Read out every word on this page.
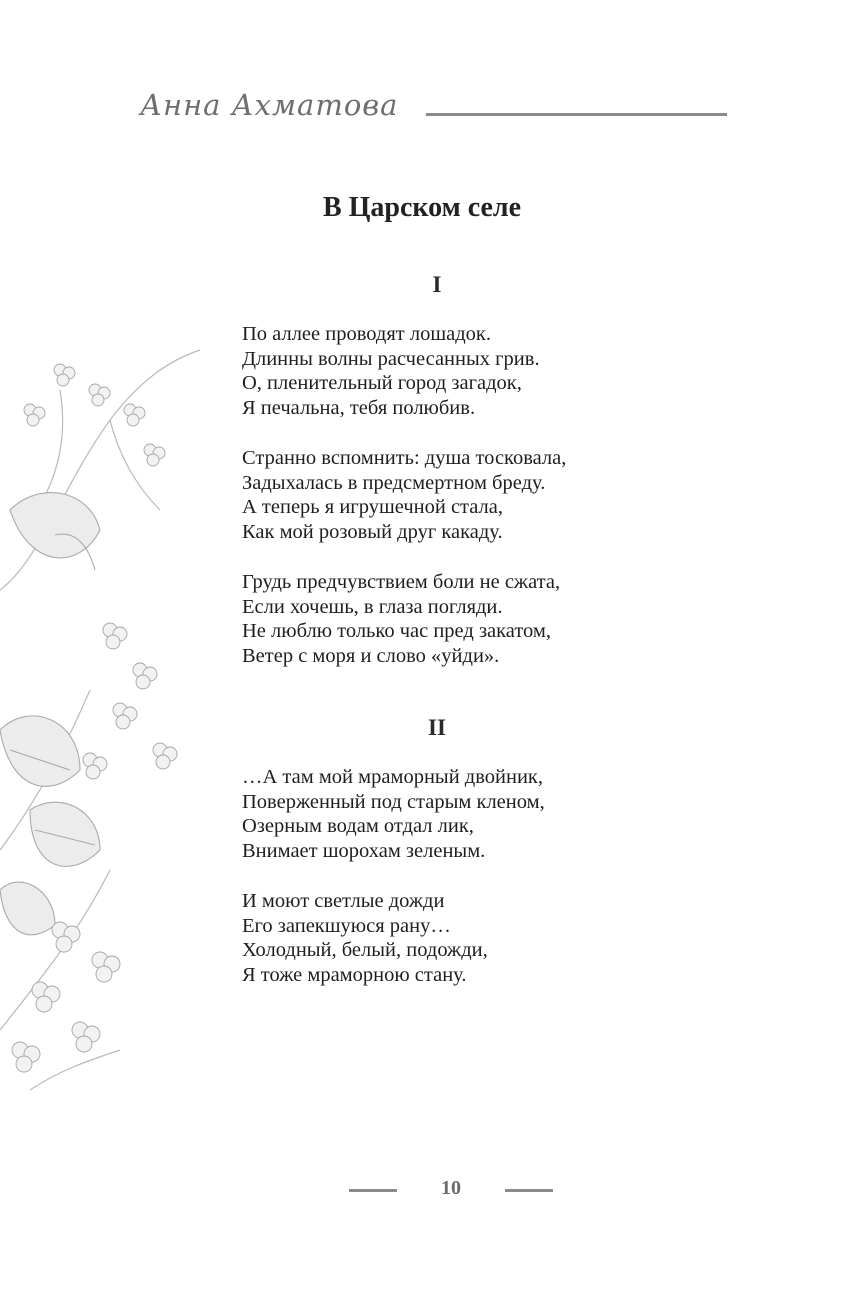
Анна Ахматова
В Царском селе
I
По аллее проводят лошадок.
Длинны волны расчесанных грив.
О, пленительный город загадок,
Я печальна, тебя полюбив.
Странно вспомнить: душа тосковала,
Задыхалась в предсмертном бреду.
А теперь я игрушечной стала,
Как мой розовый друг какаду.
Грудь предчувствием боли не сжата,
Если хочешь, в глаза погляди.
Не люблю только час пред закатом,
Ветер с моря и слово «уйди».
II
…А там мой мраморный двойник,
Поверженный под старым кленом,
Озерным водам отдал лик,
Внимает шорохам зеленым.
И моют светлые дожди
Его запекшуюся рану…
Холодный, белый, подожди,
Я тоже мраморною стану.
10
